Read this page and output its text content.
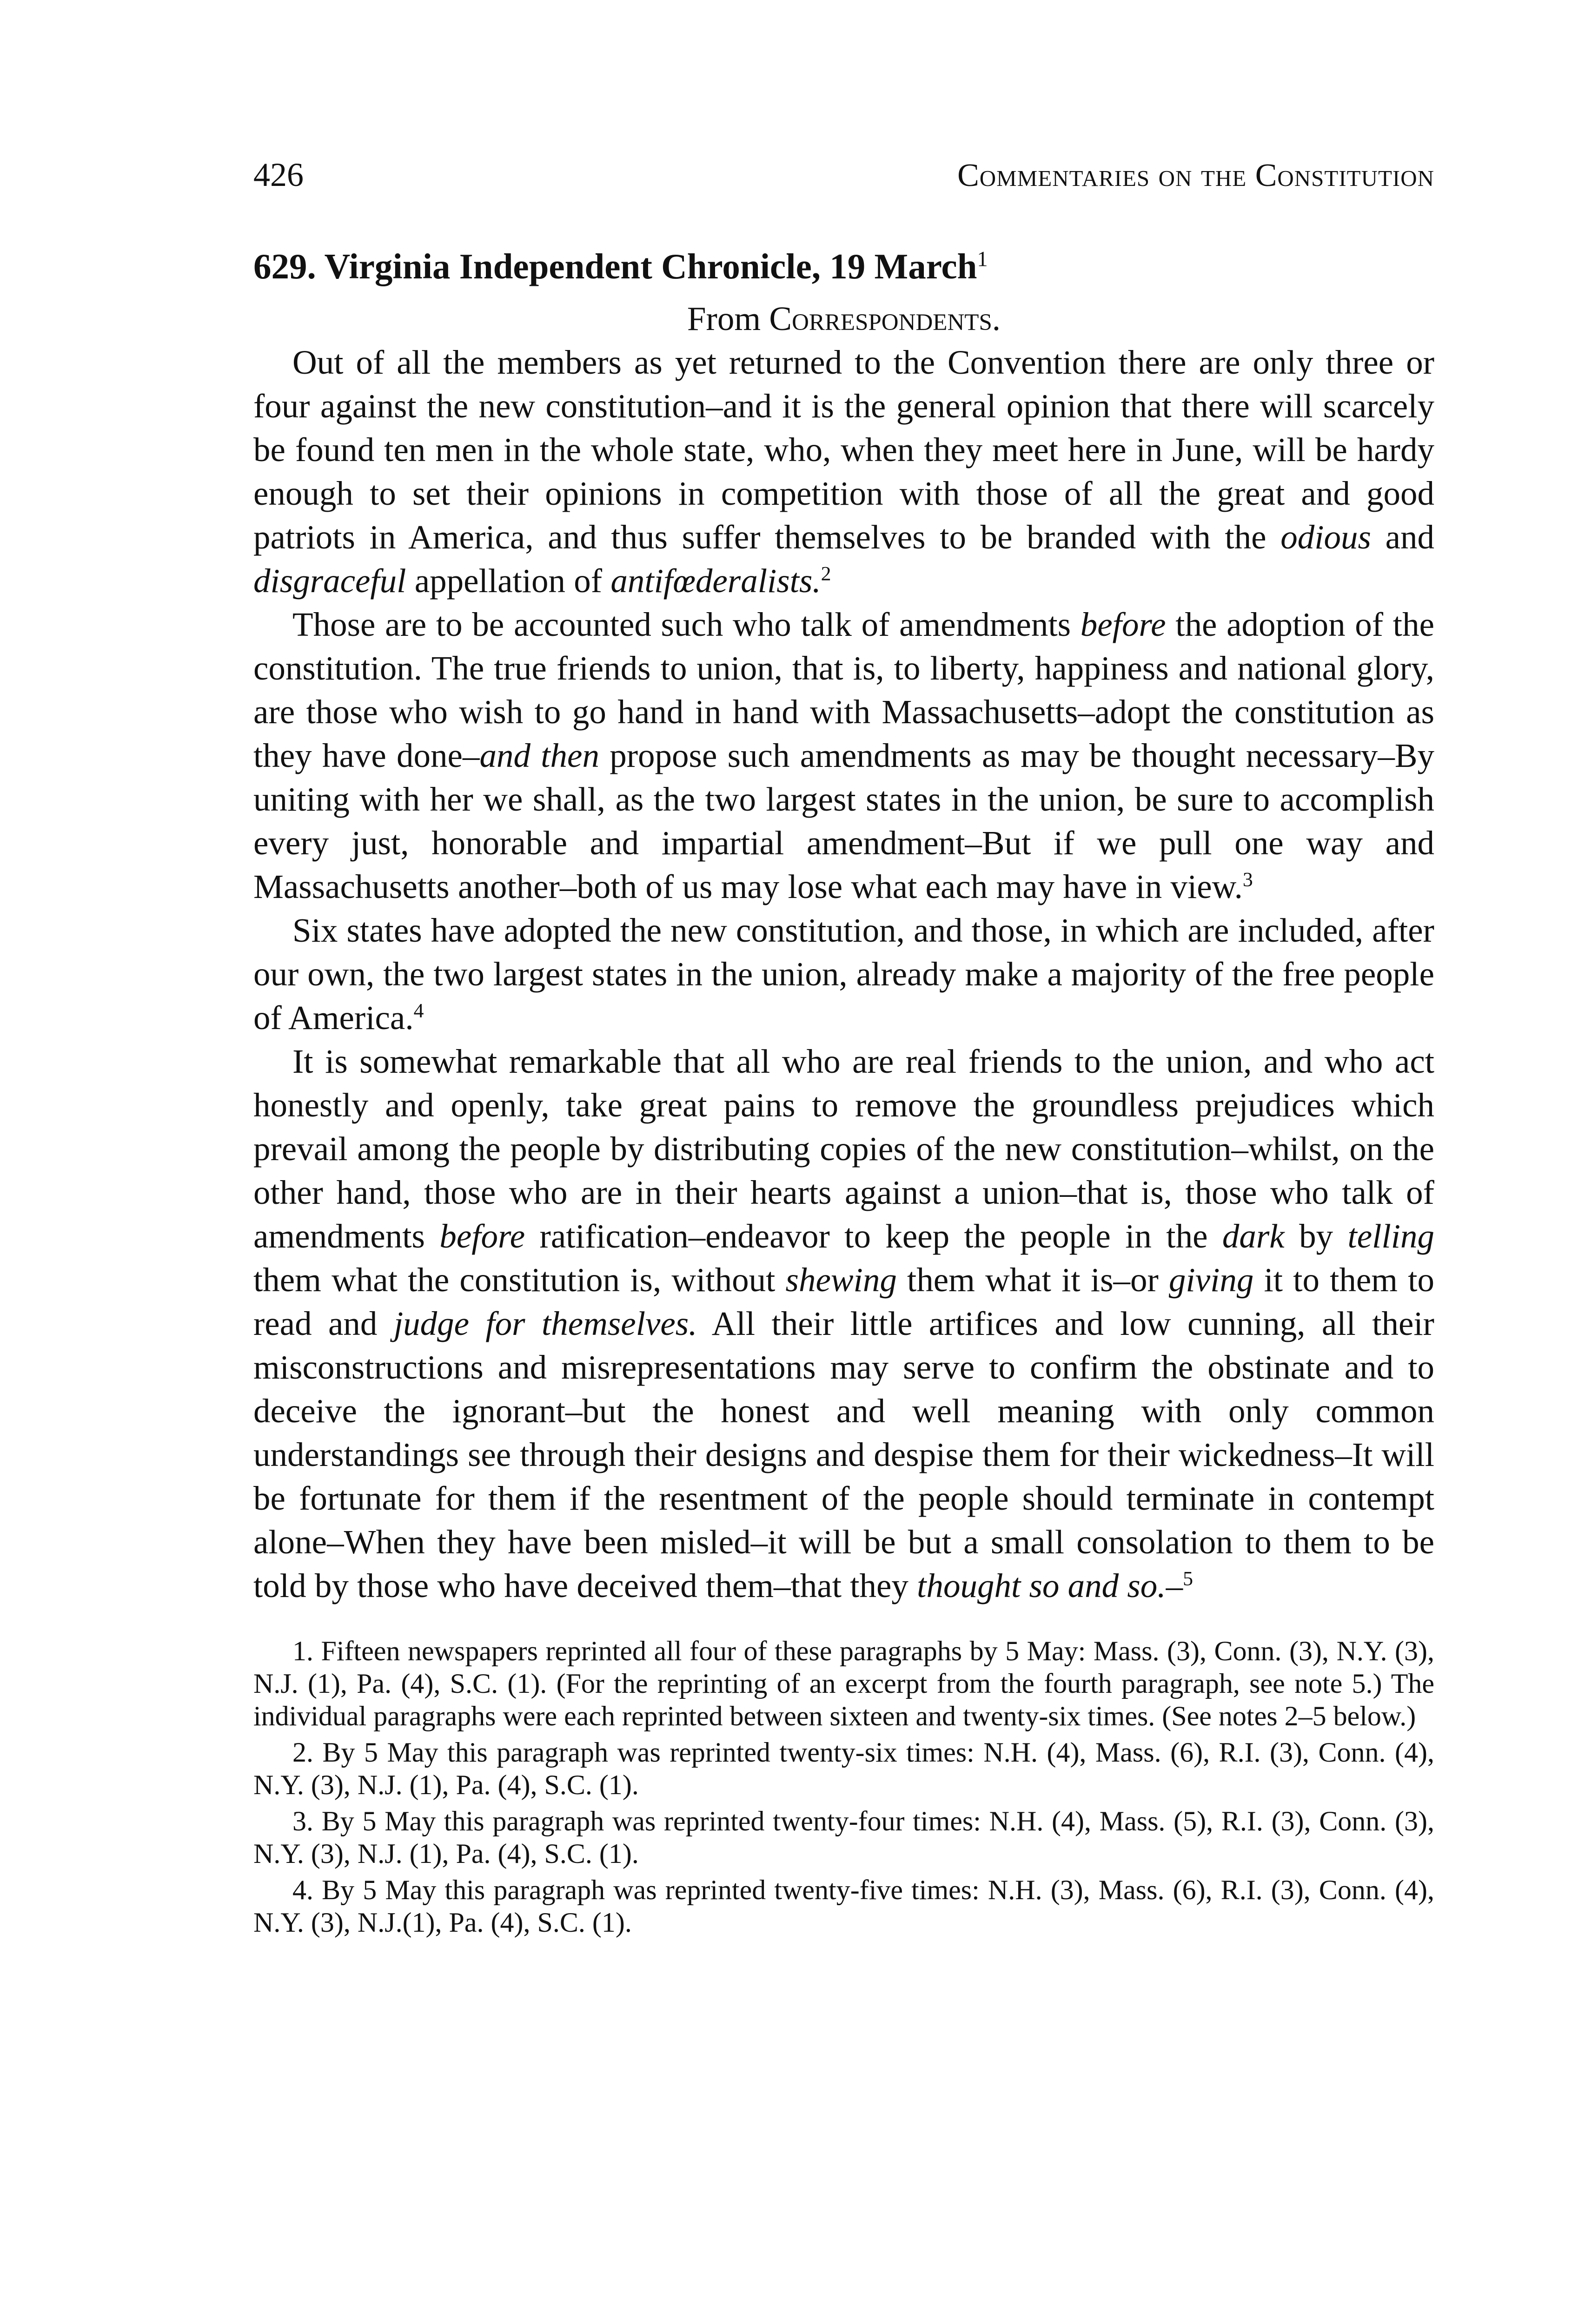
426	Commentaries on the Constitution
629. Virginia Independent Chronicle, 19 March$^1$
From Correspondents.

Out of all the members as yet returned to the Convention there are only three or four against the new constitution–and it is the general opinion that there will scarcely be found ten men in the whole state, who, when they meet here in June, will be hardy enough to set their opinions in competition with those of all the great and good patriots in America, and thus suffer themselves to be branded with the odious and disgraceful appellation of antifœderalists.$^2$

Those are to be accounted such who talk of amendments before the adoption of the constitution. The true friends to union, that is, to liberty, happiness and national glory, are those who wish to go hand in hand with Massachusetts–adopt the constitution as they have done–and then propose such amendments as may be thought necessary–By uniting with her we shall, as the two largest states in the union, be sure to accomplish every just, honorable and impartial amendment–But if we pull one way and Massachusetts another–both of us may lose what each may have in view.$^3$

Six states have adopted the new constitution, and those, in which are included, after our own, the two largest states in the union, already make a majority of the free people of America.$^4$

It is somewhat remarkable that all who are real friends to the union, and who act honestly and openly, take great pains to remove the groundless prejudices which prevail among the people by distributing copies of the new constitution–whilst, on the other hand, those who are in their hearts against a union–that is, those who talk of amendments before ratification–endeavor to keep the people in the dark by telling them what the constitution is, without shewing them what it is–or giving it to them to read and judge for themselves. All their little artifices and low cunning, all their misconstructions and misrepresentations may serve to confirm the obstinate and to deceive the ignorant–but the honest and well meaning with only common understandings see through their designs and despise them for their wickedness–It will be fortunate for them if the resentment of the people should terminate in contempt alone–When they have been misled–it will be but a small consolation to them to be told by those who have deceived them–that they thought so and so.–$^5$

1. Fifteen newspapers reprinted all four of these paragraphs by 5 May: Mass. (3), Conn. (3), N.Y. (3), N.J. (1), Pa. (4), S.C. (1). (For the reprinting of an excerpt from the fourth paragraph, see note 5.) The individual paragraphs were each reprinted between sixteen and twenty-six times. (See notes 2–5 below.)

2. By 5 May this paragraph was reprinted twenty-six times: N.H. (4), Mass. (6), R.I. (3), Conn. (4), N.Y. (3), N.J. (1), Pa. (4), S.C. (1).

3. By 5 May this paragraph was reprinted twenty-four times: N.H. (4), Mass. (5), R.I. (3), Conn. (3), N.Y. (3), N.J. (1), Pa. (4), S.C. (1).

4. By 5 May this paragraph was reprinted twenty-five times: N.H. (3), Mass. (6), R.I. (3), Conn. (4), N.Y. (3), N.J.(1), Pa. (4), S.C. (1).
